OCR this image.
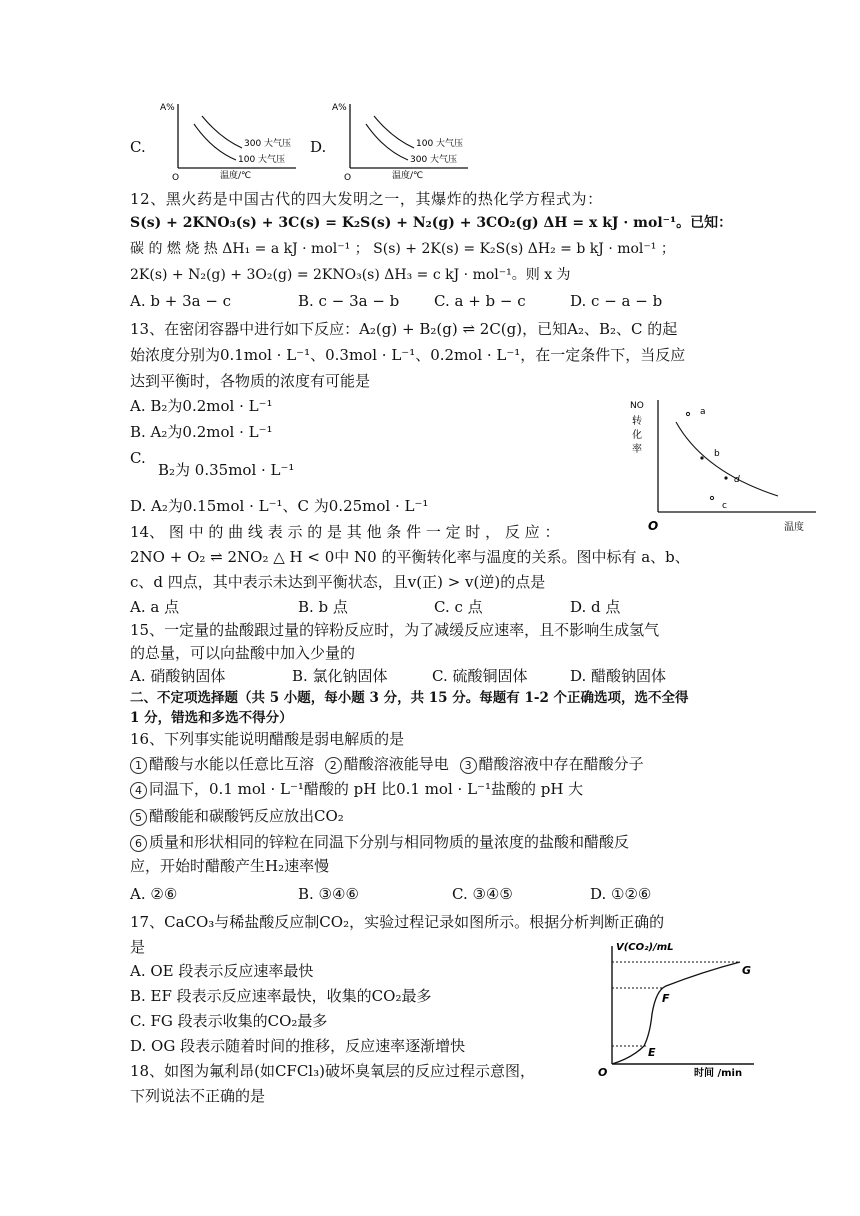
C.
A%
O	温度/℃
300 大气压
100 大气压
D.
A%
O	温度/℃
100 大气压
300 大气压
12、黑火药是中国古代的四大发明之一，其爆炸的热化学方程式为：
S(s) + 2KNO₃(s) + 3C(s) = K₂S(s) + N₂(g) + 3CO₂(g) ΔH = x kJ · mol⁻¹。已知：
碳 的 燃 烧 热 ΔH₁ = a kJ · mol⁻¹ ； S(s) + 2K(s) = K₂S(s) ΔH₂ = b kJ · mol⁻¹ ；
2K(s) + N₂(g) + 3O₂(g) = 2KNO₃(s) ΔH₃ = c kJ · mol⁻¹。则 x 为
A. b + 3a − c	B. c − 3a − b C. a + b − c	D. c − a − b
13、在密闭容器中进行如下反应：A₂(g) + B₂(g) ⇌ 2C(g)，已知A₂、B₂、C 的起
始浓度分别为0.1mol · L⁻¹、0.3mol · L⁻¹、0.2mol · L⁻¹，在一定条件下，当反应
达到平衡时，各物质的浓度有可能是
A. B₂为0.2mol · L⁻¹
B. A₂为0.2mol · L⁻¹
C.
B₂为 0.35mol · L⁻¹
D. A₂为0.15mol · L⁻¹、C 为0.25mol · L⁻¹
NO
转
化
率
O	温度
a
b
d
c
14、 图 中 的 曲 线 表 示 的 是 其 他 条 件 一 定 时 ， 反 应 ：
2NO + O₂ ⇌ 2NO₂ △ H < 0中 N0 的平衡转化率与温度的关系。图中标有 a、b、
c、d 四点，其中表示未达到平衡状态，且v(正) > v(逆)的点是
A. a 点	B. b 点	C. c 点	D. d 点
15、一定量的盐酸跟过量的锌粉反应时，为了减缓反应速率，且不影响生成氢气
的总量，可以向盐酸中加入少量的
A. 硝酸钠固体	B. 氯化钠固体	C. 硫酸铜固体	D. 醋酸钠固体
二、不定项选择题（共 5 小题，每小题 3 分，共 15 分。每题有 1-2 个正确选项，选不全得
1 分，错选和多选不得分）
16、下列事实能说明醋酸是弱电解质的是
1 醋酸与水能以任意比互溶 2 醋酸溶液能导电 3 醋酸溶液中存在醋酸分子
4 同温下，0.1 mol · L⁻¹醋酸的 pH 比0.1 mol · L⁻¹盐酸的 pH 大
5 醋酸能和碳酸钙反应放出CO₂
6 质量和形状相同的锌粒在同温下分别与相同物质的量浓度的盐酸和醋酸反
应，开始时醋酸产生H₂速率慢
A. ②⑥	B. ③④⑥	C. ③④⑤	D. ①②⑥
17、CaCO₃与稀盐酸反应制CO₂，实验过程记录如图所示。根据分析判断正确的
是
A. OE 段表示反应速率最快
B. EF 段表示反应速率最快，收集的CO₂最多
C. FG 段表示收集的CO₂最多
D. OG 段表示随着时间的推移，反应速率逐渐增快
V(CO₂)/mL
O	时间 /min
E
F
G
18、如图为氟利昂(如CFCl₃)破坏臭氧层的反应过程示意图，
下列说法不正确的是
